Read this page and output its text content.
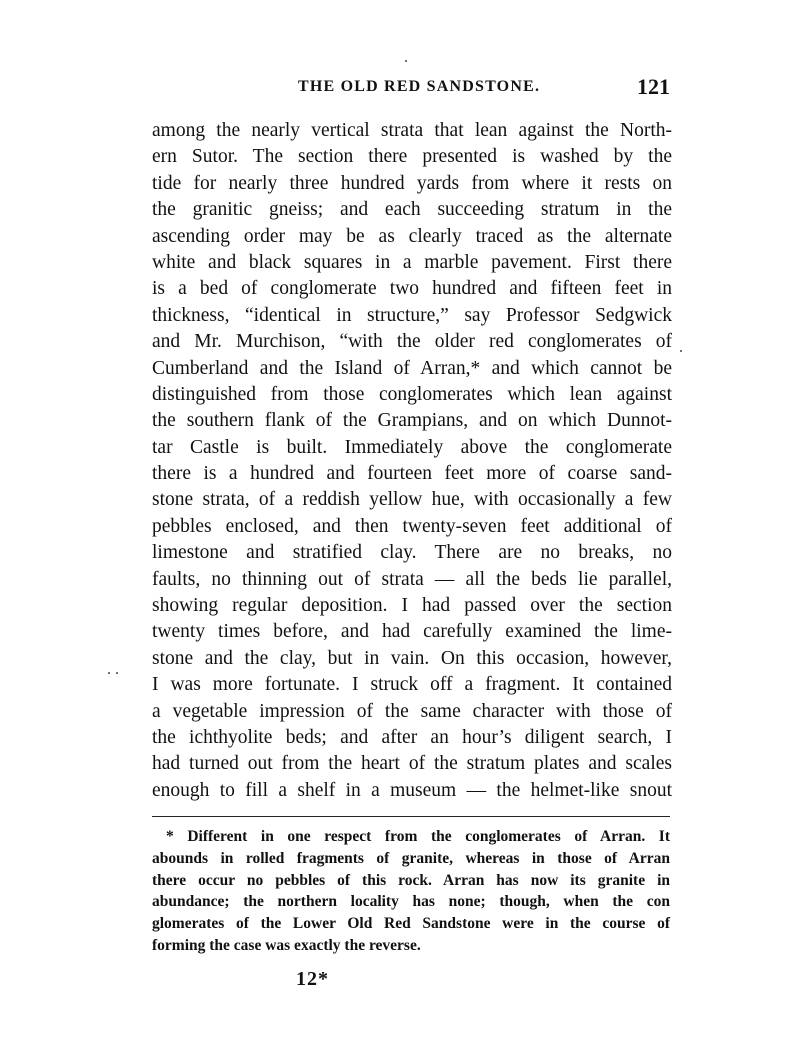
THE OLD RED SANDSTONE.	121
among the nearly vertical strata that lean against the North-
ern Sutor. The section there presented is washed by the
tide for nearly three hundred yards from where it rests on
the granitic gneiss; and each succeeding stratum in the
ascending order may be as clearly traced as the alternate
white and black squares in a marble pavement. First there
is a bed of conglomerate two hundred and fifteen feet in
thickness, “identical in structure,” say Professor Sedgwick
and Mr. Murchison, “with the older red conglomerates of
Cumberland and the Island of Arran,* and which cannot be
distinguished from those conglomerates which lean against
the southern flank of the Grampians, and on which Dunnot-
tar Castle is built. Immediately above the conglomerate
there is a hundred and fourteen feet more of coarse sand-
stone strata, of a reddish yellow hue, with occasionally a few
pebbles enclosed, and then twenty-seven feet additional of
limestone and stratified clay. There are no breaks, no
faults, no thinning out of strata — all the beds lie parallel,
showing regular deposition. I had passed over the section
twenty times before, and had carefully examined the lime-
stone and the clay, but in vain. On this occasion, however,
I was more fortunate. I struck off a fragment. It contained
a vegetable impression of the same character with those of
the ichthyolite beds; and after an hour’s diligent search, I
had turned out from the heart of the stratum plates and scales
enough to fill a shelf in a museum — the helmet-like snout
* Different in one respect from the conglomerates of Arran. It
abounds in rolled fragments of granite, whereas in those of Arran
there occur no pebbles of this rock. Arran has now its granite in
abundance; the northern locality has none; though, when the con
glomerates of the Lower Old Red Sandstone were in the course of
forming the case was exactly the reverse.
12*
